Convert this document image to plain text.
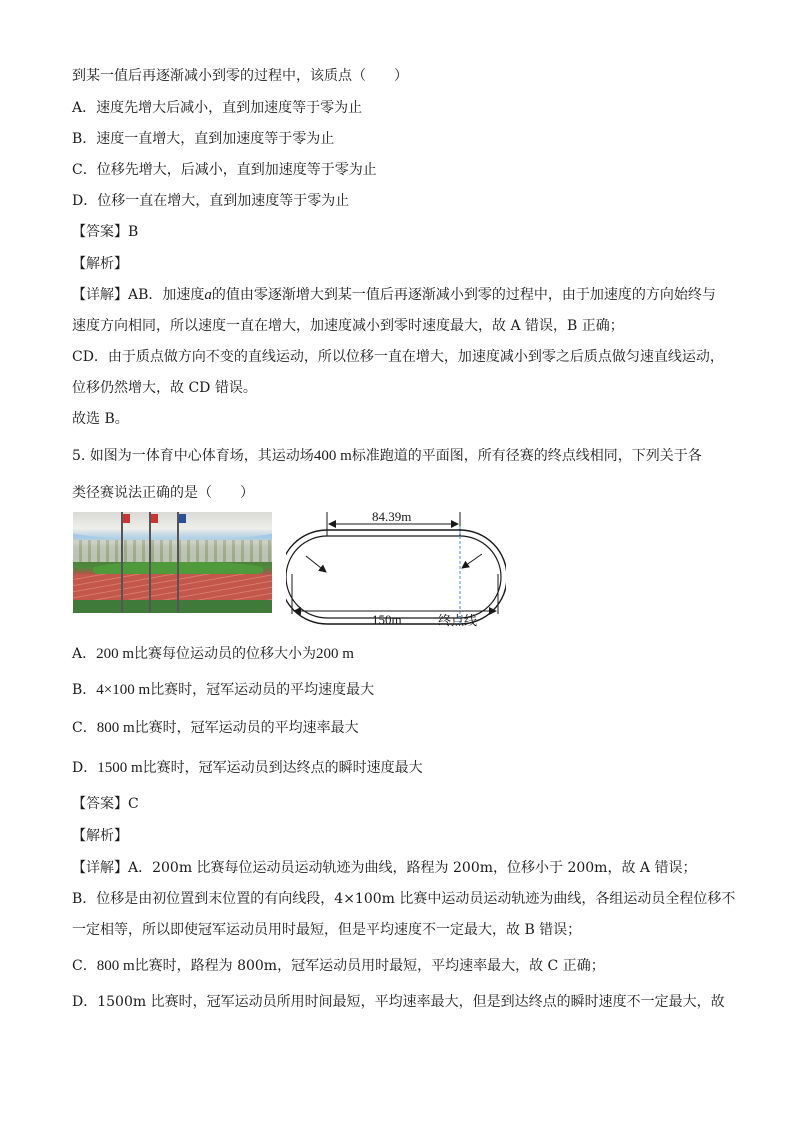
到某一值后再逐渐减小到零的过程中，该质点（　　）
A．速度先增大后减小，直到加速度等于零为止
B．速度一直增大，直到加速度等于零为止
C．位移先增大，后减小，直到加速度等于零为止
D．位移一直在增大，直到加速度等于零为止
【答案】B
【解析】
【详解】AB．加速度a的值由零逐渐增大到某一值后再逐渐减小到零的过程中，由于加速度的方向始终与
速度方向相同，所以速度一直在增大，加速度减小到零时速度最大，故 A 错误，B 正确；
CD．由于质点做方向不变的直线运动，所以位移一直在增大，加速度减小到零之后质点做匀速直线运动，
位移仍然增大，故 CD 错误。
故选 B。
5. 如图为一体育中心体育场，其运动场400 m标准跑道的平面图，所有径赛的终点线相同，下列关于各
类径赛说法正确的是（　　）
84.39m
150m	终点线
A．200 m比赛每位运动员的位移大小为200 m
B．4×100 m比赛时，冠军运动员的平均速度最大
C．800 m比赛时，冠军运动员的平均速率最大
D．1500 m比赛时，冠军运动员到达终点的瞬时速度最大
【答案】C
【解析】
【详解】A．200m 比赛每位运动员运动轨迹为曲线，路程为 200m，位移小于 200m，故 A 错误；
B．位移是由初位置到末位置的有向线段，4×100m 比赛中运动员运动轨迹为曲线，各组运动员全程位移不
一定相等，所以即使冠军运动员用时最短，但是平均速度不一定最大，故 B 错误；
C．800 m比赛时，路程为 800m，冠军运动员用时最短，平均速率最大，故 C 正确；
D．1500m 比赛时，冠军运动员所用时间最短，平均速率最大，但是到达终点的瞬时速度不一定最大，故
